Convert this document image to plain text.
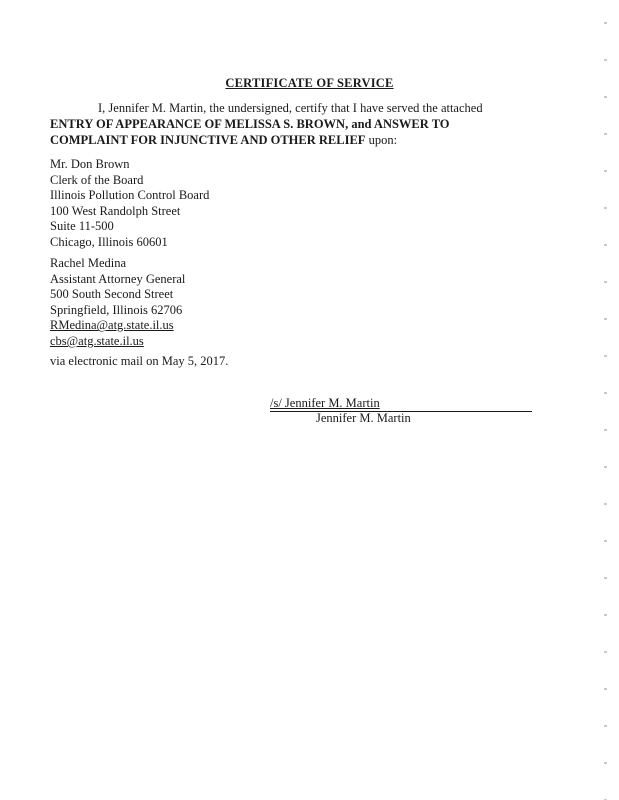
CERTIFICATE OF SERVICE
I, Jennifer M. Martin, the undersigned, certify that I have served the attached ENTRY OF APPEARANCE OF MELISSA S. BROWN, and ANSWER TO COMPLAINT FOR INJUNCTIVE AND OTHER RELIEF upon:
Mr. Don Brown
Clerk of the Board
Illinois Pollution Control Board
100 West Randolph Street
Suite 11-500
Chicago, Illinois 60601
Rachel Medina
Assistant Attorney General
500 South Second Street
Springfield, Illinois 62706
RMedina@atg.state.il.us
cbs@atg.state.il.us
via electronic mail on May 5, 2017.
/s/ Jennifer M. Martin
Jennifer M. Martin
